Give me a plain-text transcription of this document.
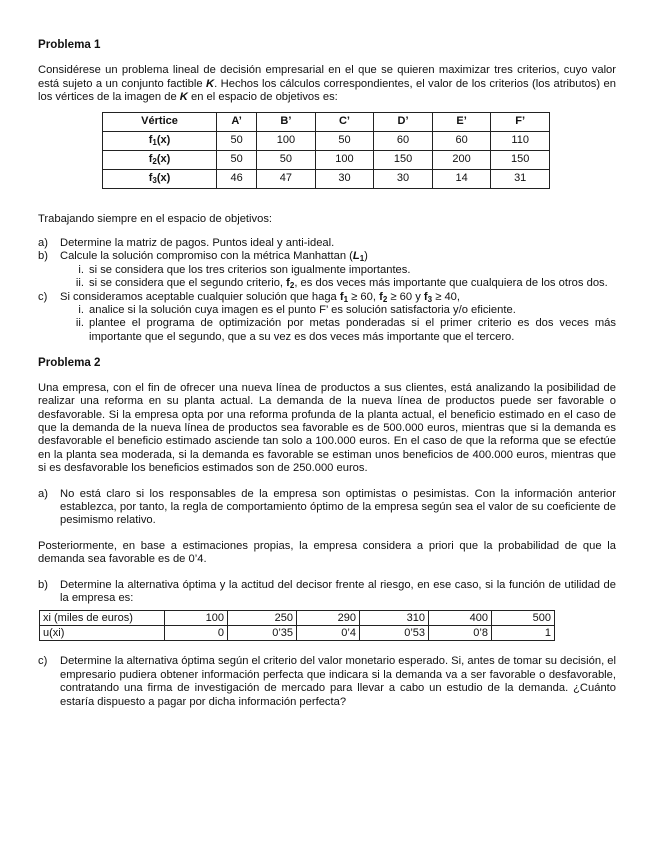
Problema 1

Considérese un problema lineal de decisión empresarial en el que se quieren maximizar tres criterios, cuyo valor está sujeto a un conjunto factible K. Hechos los cálculos correspondientes, el valor de los criterios (los atributos) en los vértices de la imagen de K en el espacio de objetivos es:

Vértice	A’	B’	C’	D’	E’	F’
$f_1(x)$	50	100	50	60	60	110
$f_2(x)$	50	50	100	150	200	150
$f_3(x)$	46	47	30	30	14	31

Trabajando siempre en el espacio de objetivos:

a)	Determine la matriz de pagos. Puntos ideal y anti-ideal.
b)	Calcule la solución compromiso con la métrica Manhattan $(L_1)$
i. si se considera que los tres criterios son igualmente importantes.
ii. si se considera que el segundo criterio, $f_2$, es dos veces más importante que cualquiera de los otros dos.
c)	Si consideramos aceptable cualquier solución que haga $f_1 \ge 60$, $f_2 \ge 60$ y $f_3 \ge 40$,
i. analice si la solución cuya imagen es el punto F’ es solución satisfactoria y/o eficiente.
ii. plantee el programa de optimización por metas ponderadas si el primer criterio es dos veces más importante que el segundo, que a su vez es dos veces más importante que el tercero.
Problema 2

Una empresa, con el fin de ofrecer una nueva línea de productos a sus clientes, está analizando la posibilidad de realizar una reforma en su planta actual. La demanda de la nueva línea de productos puede ser favorable o desfavorable. Si la empresa opta por una reforma profunda de la planta actual, el beneficio estimado en el caso de que la demanda de la nueva línea de productos sea favorable es de 500.000 euros, mientras que si la demanda es desfavorable el beneficio estimado asciende tan solo a 100.000 euros. En el caso de que la reforma que se efectúe en la planta sea moderada, si la demanda es favorable se estiman unos beneficios de 400.000 euros, mientras que si es desfavorable los beneficios estimados son de 250.000 euros.

a)	No está claro si los responsables de la empresa son optimistas o pesimistas. Con la información anterior establezca, por tanto, la regla de comportamiento óptimo de la empresa según sea el valor de su coeficiente de pesimismo relativo.

Posteriormente, en base a estimaciones propias, la empresa considera a priori que la probabilidad de que la demanda sea favorable es de 0’4.

b)	Determine la alternativa óptima y la actitud del decisor frente al riesgo, en ese caso, si la función de utilidad de la empresa es:
xi (miles de euros)	100	250	290	310	400	500
u(xi)	0	0’35	0’4	0’53	0’8	1
c)	Determine la alternativa óptima según el criterio del valor monetario esperado. Si, antes de tomar su decisión, el empresario pudiera obtener información perfecta que indicara si la demanda va a ser favorable o desfavorable, contratando una firma de investigación de mercado para llevar a cabo un estudio de la demanda. ¿Cuánto estaría dispuesto a pagar por dicha información perfecta?
